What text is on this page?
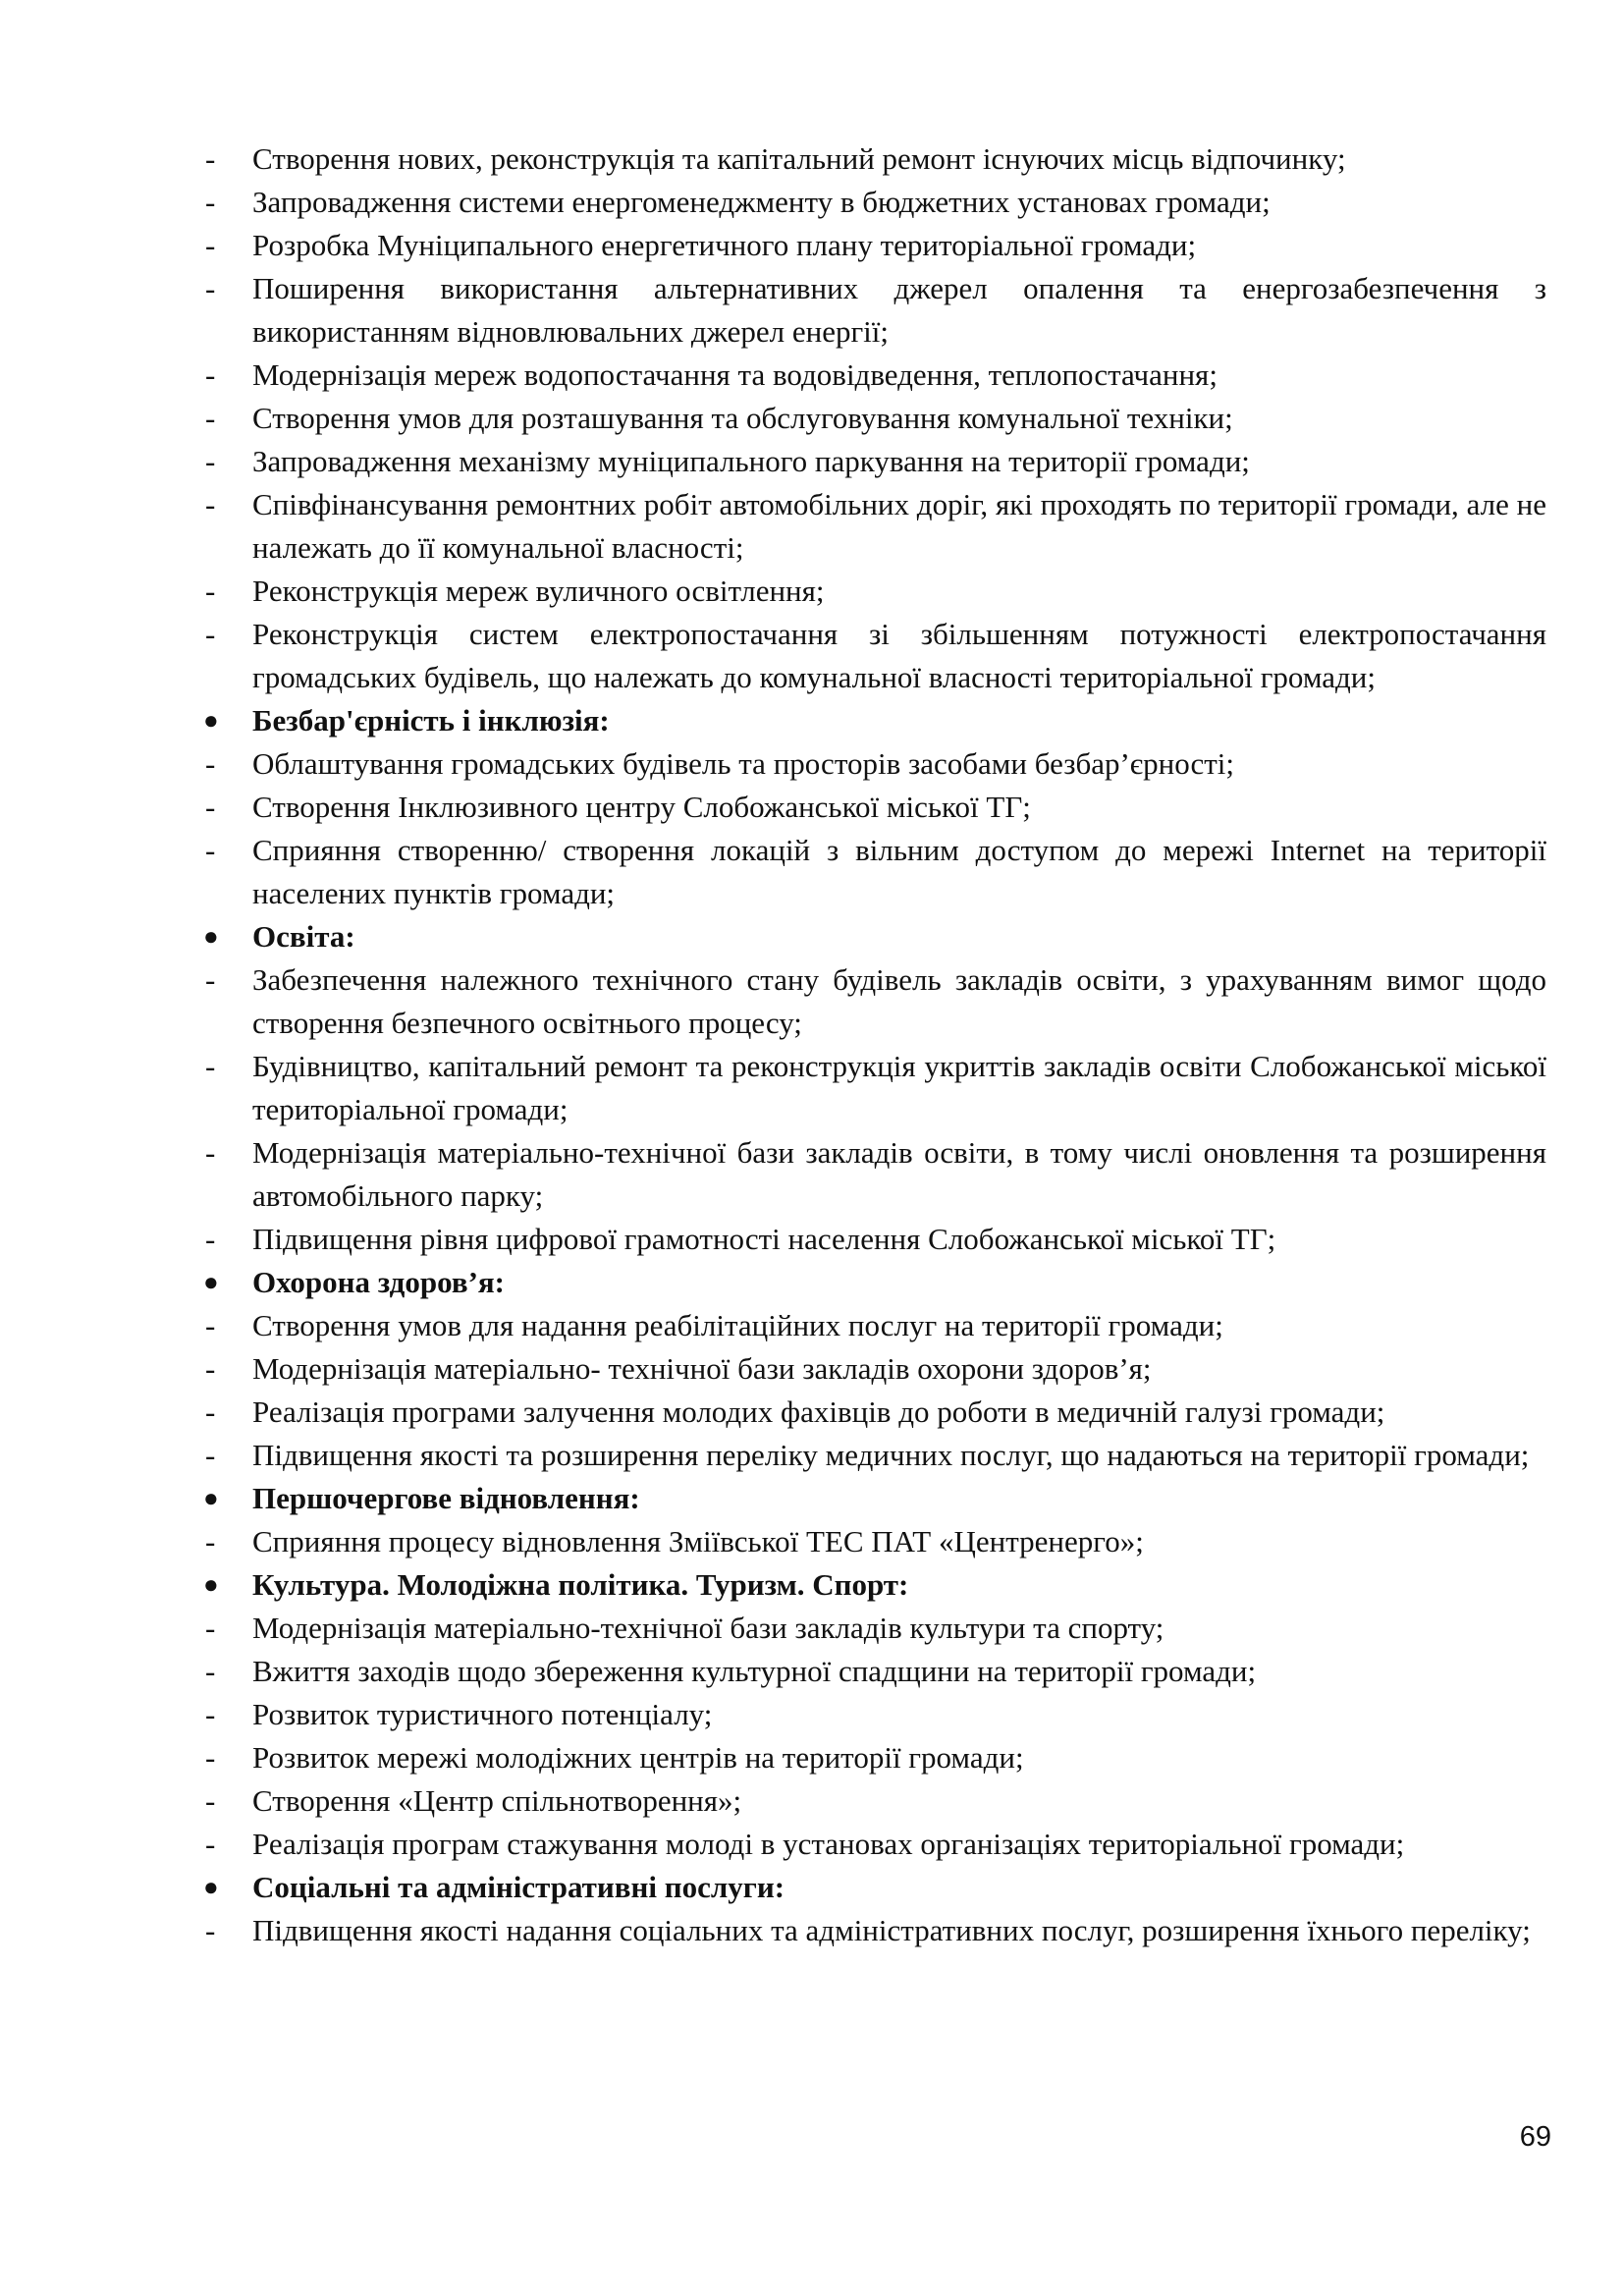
-	Створення нових, реконструкція та капітальний ремонт існуючих місць відпочинку;
-	Запровадження системи енергоменеджменту в бюджетних установах громади;
-	Розробка Муніципального енергетичного плану територіальної громади;
-	Поширення використання альтернативних джерел опалення та енергозабезпечення з використанням відновлювальних джерел енергії;
-	Модернізація мереж водопостачання та водовідведення, теплопостачання;
-	Створення умов для розташування та обслуговування комунальної техніки;
-	Запровадження механізму муніципального паркування на території громади;
-	Співфінансування ремонтних робіт автомобільних доріг, які проходять по території громади, але не належать до її комунальної власності;
-	Реконструкція мереж вуличного освітлення;
-	Реконструкція систем електропостачання зі збільшенням потужності електропостачання громадських будівель, що належать до комунальної власності територіальної громади;
●	Безбар'єрність і інклюзія:
-	Облаштування громадських будівель та просторів засобами безбар’єрності;
-	Створення Інклюзивного центру Слобожанської міської ТГ;
-	Сприяння створенню/ створення локацій з вільним доступом до мережі Internet на території населених пунктів громади;
●	Освіта:
-	Забезпечення належного технічного стану будівель закладів освіти, з урахуванням вимог щодо створення безпечного освітнього процесу;
-	Будівництво, капітальний ремонт та реконструкція укриттів закладів освіти Слобожанської міської територіальної громади;
-	Модернізація матеріально-технічної бази закладів освіти, в тому числі оновлення та розширення автомобільного парку;
-	Підвищення рівня цифрової грамотності населення Слобожанської міської ТГ;
●	Охорона здоров’я:
-	Створення умов для надання реабілітаційних послуг на території громади;
-	Модернізація матеріально- технічної бази закладів охорони здоров’я;
-	Реалізація програми залучення молодих фахівців до роботи в медичній галузі громади;
-	Підвищення якості та розширення переліку медичних послуг, що надаються на території громади;
●	Першочергове відновлення:
-	Сприяння процесу відновлення Зміївської ТЕС ПАТ «Центренерго»;
●	Культура. Молодіжна політика. Туризм. Спорт:
-	Модернізація матеріально-технічної бази закладів культури та спорту;
-	Вжиття заходів щодо збереження культурної спадщини на території громади;
-	Розвиток туристичного потенціалу;
-	Розвиток мережі молодіжних центрів на території громади;
-	Створення «Центр спільнотворення»;
-	Реалізація програм стажування молоді в установах організаціях територіальної громади;
●	Соціальні та адміністративні послуги:
-	Підвищення якості надання соціальних та адміністративних послуг, розширення їхнього переліку;
69
